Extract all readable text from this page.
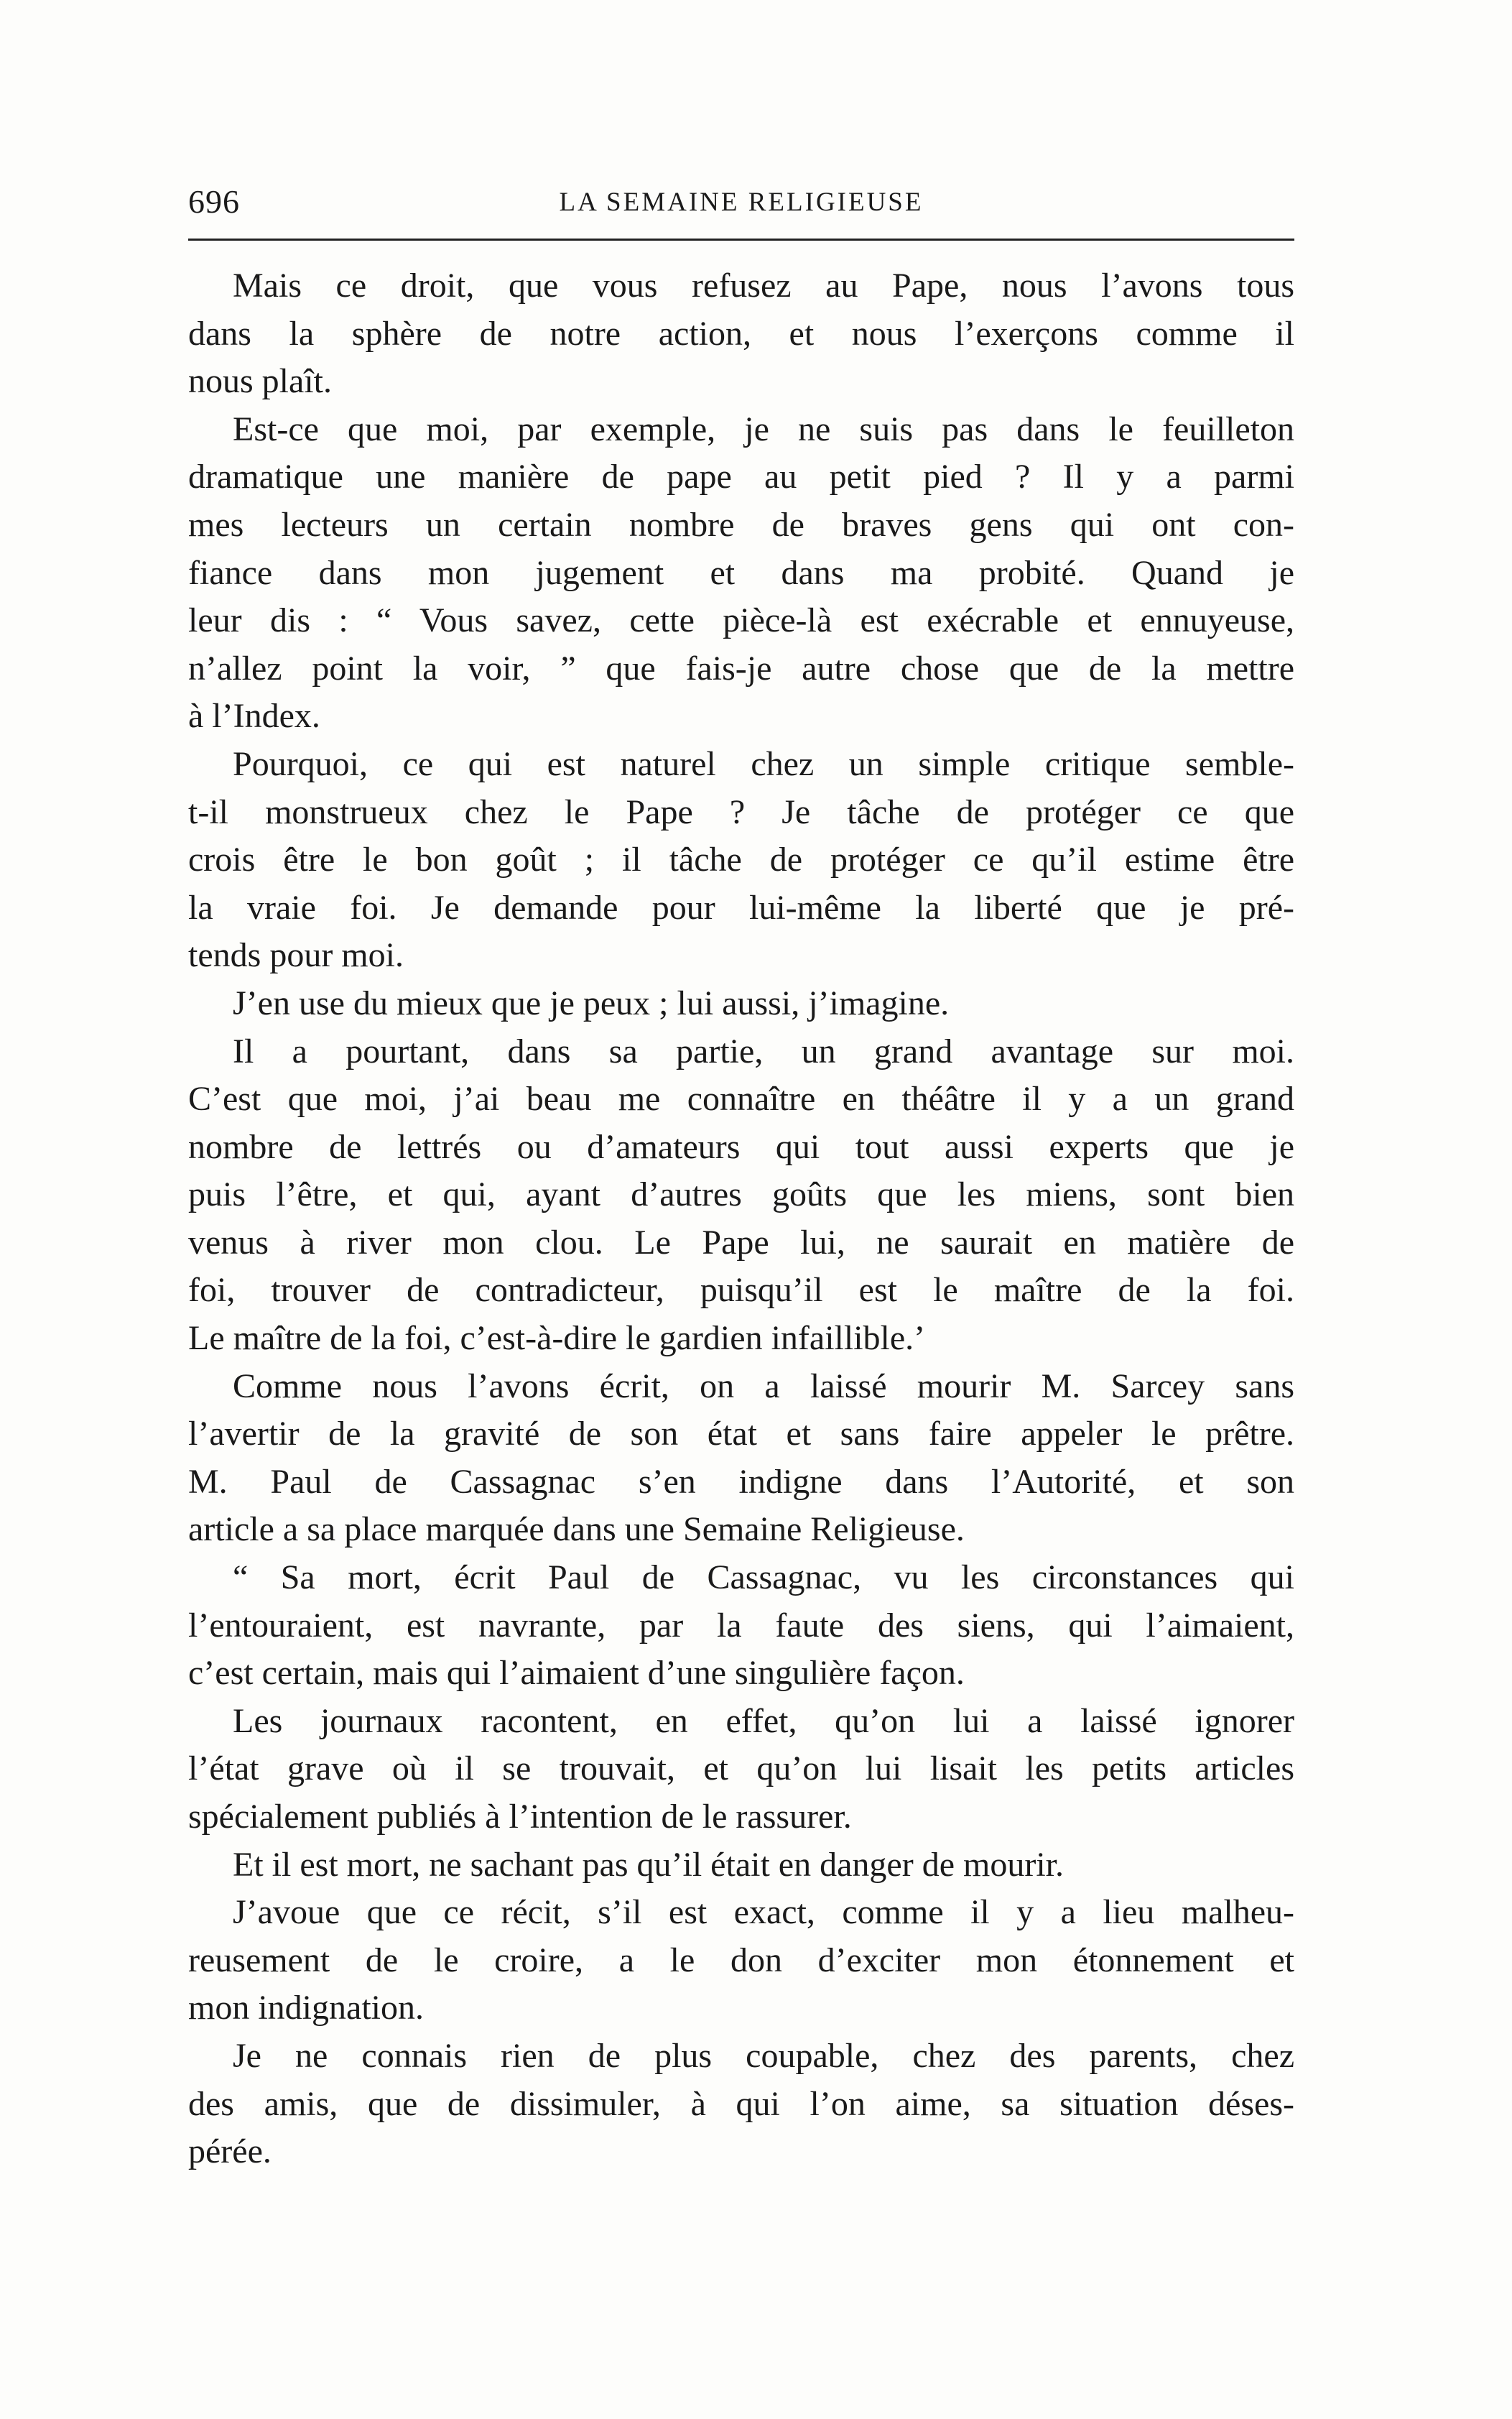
696	LA SEMAINE RELIGIEUSE
Mais ce droit, que vous refusez au Pape, nous l’avons tous
dans la sphère de notre action, et nous l’exerçons comme il
nous plaît.
Est-ce que moi, par exemple, je ne suis pas dans le feuilleton
dramatique une manière de pape au petit pied ? Il y a parmi
mes lecteurs un certain nombre de braves gens qui ont con-
fiance dans mon jugement et dans ma probité. Quand je
leur dis : “ Vous savez, cette pièce-là est exécrable et ennuyeuse,
n’allez point la voir, ” que fais-je autre chose que de la mettre
à l’Index.
Pourquoi, ce qui est naturel chez un simple critique semble-
t-il monstrueux chez le Pape ? Je tâche de protéger ce que
crois être le bon goût ; il tâche de protéger ce qu’il estime être
la vraie foi. Je demande pour lui-même la liberté que je pré-
tends pour moi.
J’en use du mieux que je peux ; lui aussi, j’imagine.
Il a pourtant, dans sa partie, un grand avantage sur moi.
C’est que moi, j’ai beau me connaître en théâtre il y a un grand
nombre de lettrés ou d’amateurs qui tout aussi experts que je
puis l’être, et qui, ayant d’autres goûts que les miens, sont bien
venus à river mon clou. Le Pape lui, ne saurait en matière de
foi, trouver de contradicteur, puisqu’il est le maître de la foi.
Le maître de la foi, c’est-à-dire le gardien infaillible.’
Comme nous l’avons écrit, on a laissé mourir M. Sarcey sans
l’avertir de la gravité de son état et sans faire appeler le prêtre.
M. Paul de Cassagnac s’en indigne dans l’Autorité, et son
article a sa place marquée dans une Semaine Religieuse.
“ Sa mort, écrit Paul de Cassagnac, vu les circonstances qui
l’entouraient, est navrante, par la faute des siens, qui l’aimaient,
c’est certain, mais qui l’aimaient d’une singulière façon.
Les journaux racontent, en effet, qu’on lui a laissé ignorer
l’état grave où il se trouvait, et qu’on lui lisait les petits articles
spécialement publiés à l’intention de le rassurer.
Et il est mort, ne sachant pas qu’il était en danger de mourir.
J’avoue que ce récit, s’il est exact, comme il y a lieu malheu-
reusement de le croire, a le don d’exciter mon étonnement et
mon indignation.
Je ne connais rien de plus coupable, chez des parents, chez
des amis, que de dissimuler, à qui l’on aime, sa situation déses-
pérée.
